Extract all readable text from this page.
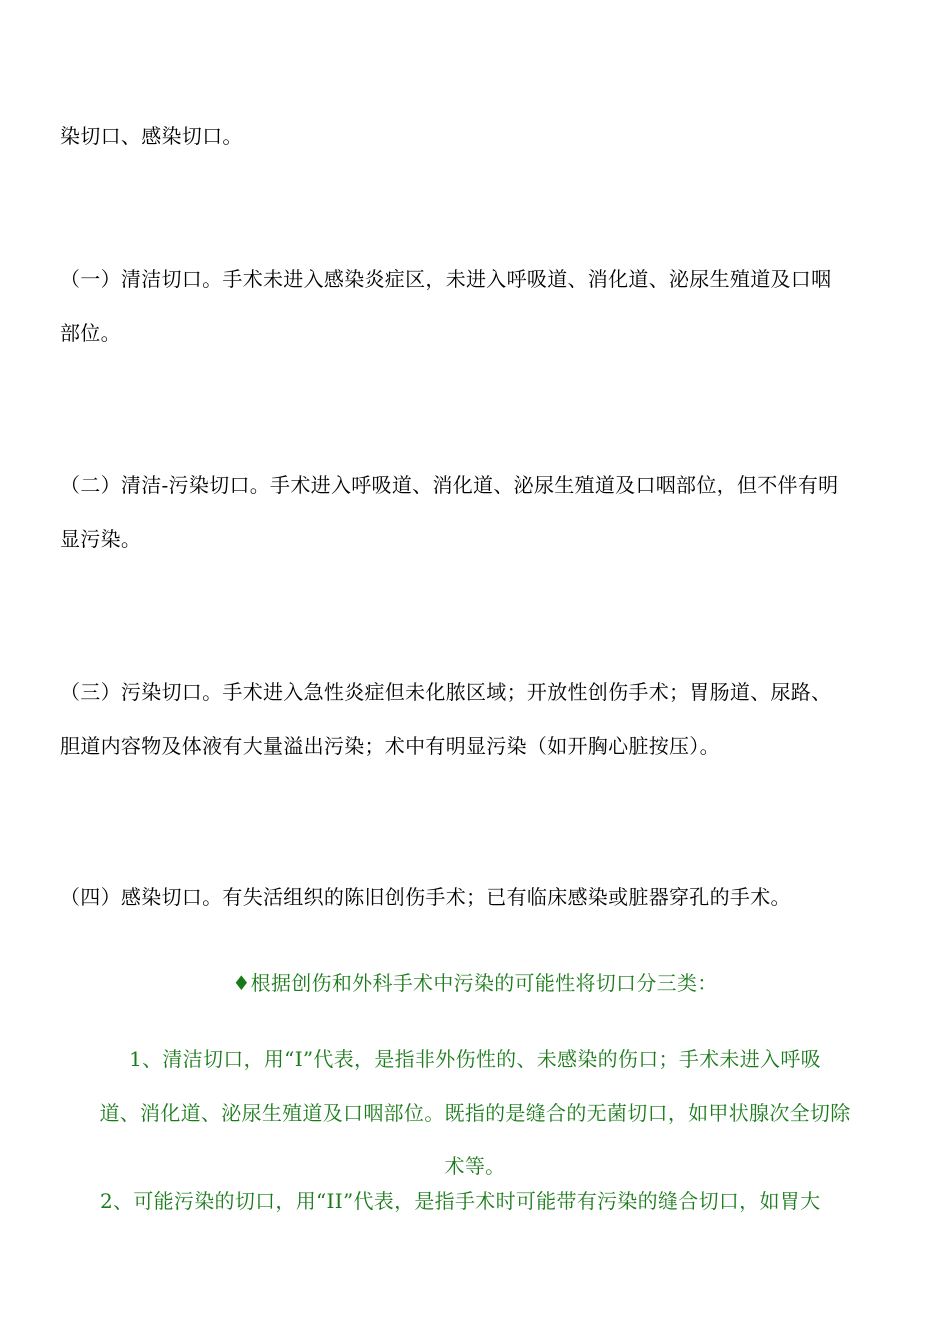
染切口、感染切口。
（一）清洁切口。手术未进入感染炎症区，未进入呼吸道、消化道、泌尿生殖道及口咽
部位。
（二）清洁-污染切口。手术进入呼吸道、消化道、泌尿生殖道及口咽部位，但不伴有明
显污染。
（三）污染切口。手术进入急性炎症但未化脓区域；开放性创伤手术；胃肠道、尿路、
胆道内容物及体液有大量溢出污染；术中有明显污染（如开胸心脏按压）。
（四）感染切口。有失活组织的陈旧创伤手术；已有临床感染或脏器穿孔的手术。
♦根据创伤和外科手术中污染的可能性将切口分三类：
1、清洁切口，用“I”代表，是指非外伤性的、未感染的伤口；手术未进入呼吸
道、消化道、泌尿生殖道及口咽部位。既指的是缝合的无菌切口，如甲状腺次全切除
术等。
2、可能污染的切口，用“II”代表，是指手术时可能带有污染的缝合切口，如胃大
